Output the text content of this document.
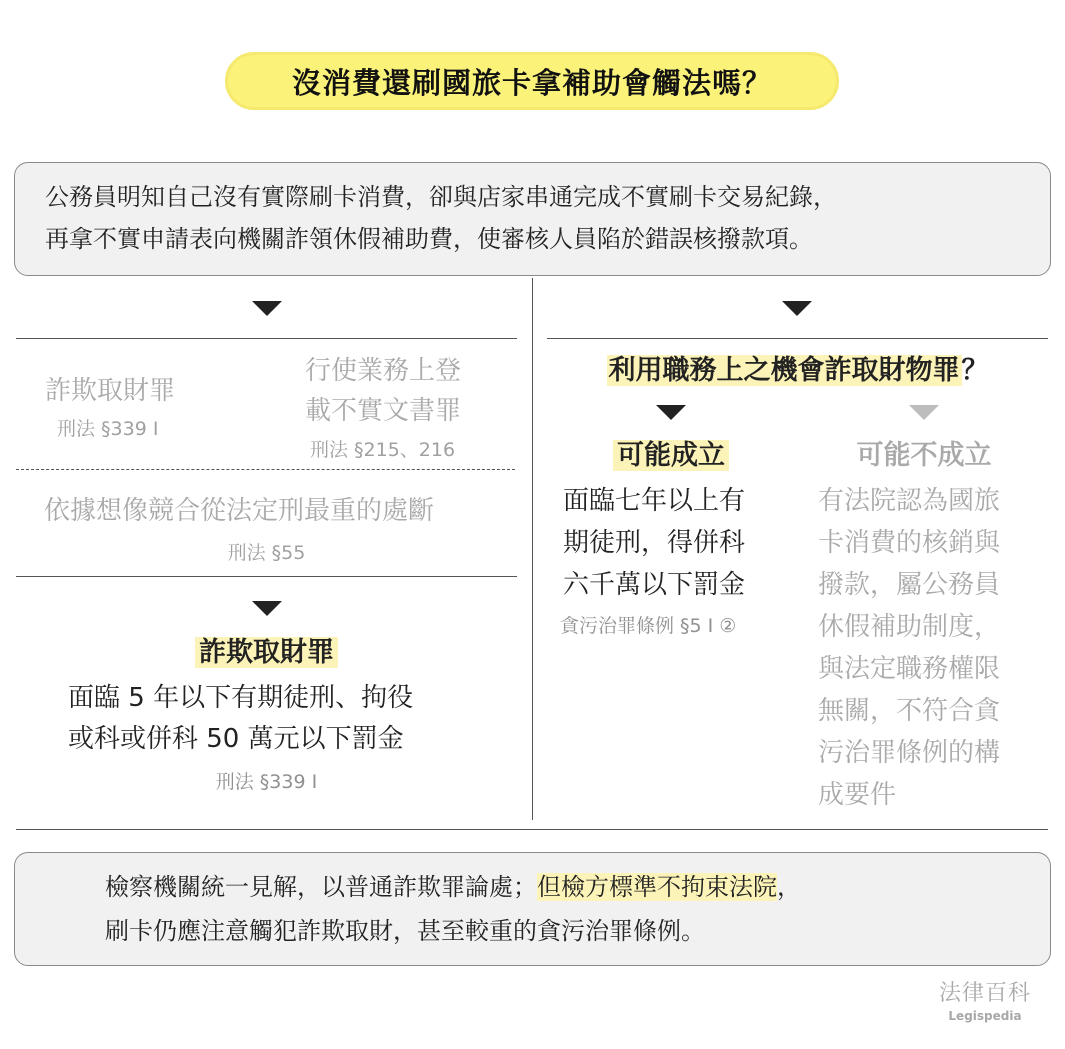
沒消費還刷國旅卡拿補助會觸法嗎？
公務員明知自己沒有實際刷卡消費，卻與店家串通完成不實刷卡交易紀錄，
再拿不實申請表向機關詐領休假補助費，使審核人員陷於錯誤核撥款項。
詐欺取財罪
刑法 §339 I
行使業務上登
載不實文書罪
刑法 §215、216
依據想像競合從法定刑最重的處斷
刑法 §55
詐欺取財罪
面臨 5 年以下有期徒刑、拘役
或科或併科 50 萬元以下罰金
刑法 §339 I
利用職務上之機會詐取財物罪？
可能成立
面臨七年以上有
期徒刑，得併科
六千萬以下罰金
貪污治罪條例 §5 I ②
可能不成立
有法院認為國旅
卡消費的核銷與
撥款，屬公務員
休假補助制度，
與法定職務權限
無關，不符合貪
污治罪條例的構
成要件
檢察機關統一見解，以普通詐欺罪論處；但檢方標準不拘束法院，
刷卡仍應注意觸犯詐欺取財，甚至較重的貪污治罪條例。
法律百科
Legispedia
